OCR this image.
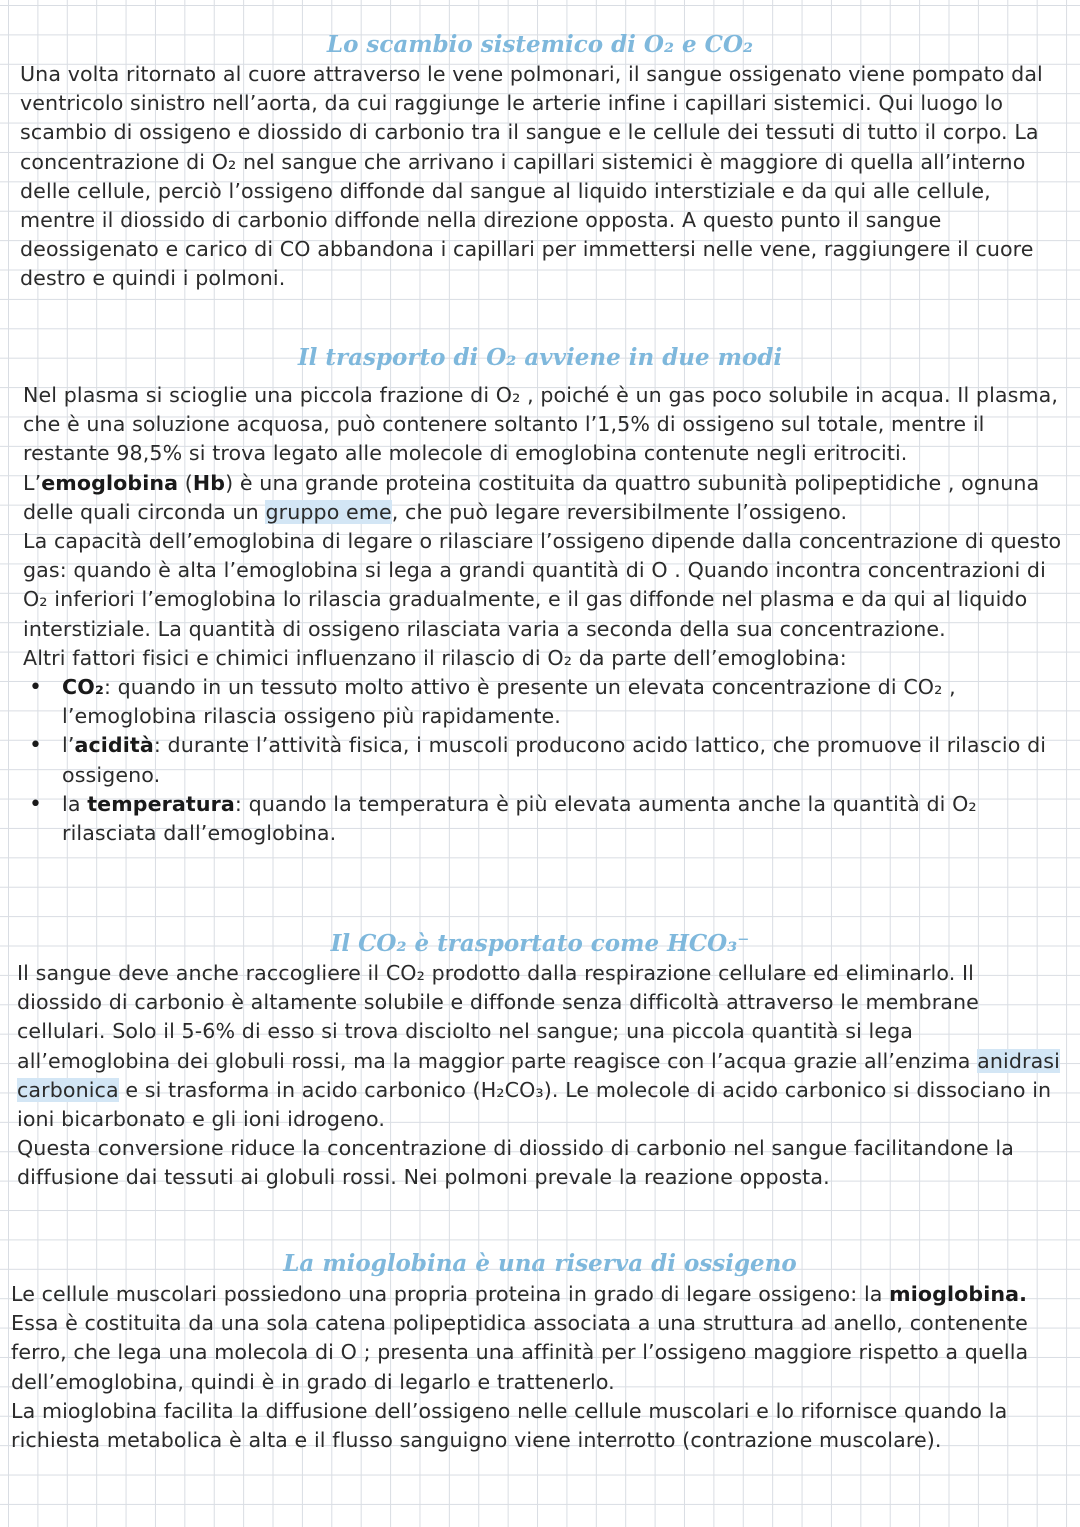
Lo scambio sistemico di O₂ e CO₂

Una volta ritornato al cuore attraverso le vene polmonari, il sangue ossigenato viene pompato dal ventricolo sinistro nell’aorta, da cui raggiunge le arterie infine i capillari sistemici. Qui luogo lo scambio di ossigeno e diossido di carbonio tra il sangue e le cellule dei tessuti di tutto il corpo. La concentrazione di O₂ nel sangue che arrivano i capillari sistemici è maggiore di quella all’interno delle cellule, perciò l’ossigeno diffonde dal sangue al liquido interstiziale e da qui alle cellule, mentre il diossido di carbonio diffonde nella direzione opposta. A questo punto il sangue deossigenato e carico di CO abbandona i capillari per immettersi nelle vene, raggiungere il cuore destro e quindi i polmoni.

Il trasporto di O₂ avviene in due modi

Nel plasma si scioglie una piccola frazione di O₂ , poiché è un gas poco solubile in acqua. Il plasma, che è una soluzione acquosa, può contenere soltanto l’1,5% di ossigeno sul totale, mentre il restante 98,5% si trova legato alle molecole di emoglobina contenute negli eritrociti. L’emoglobina (Hb) è una grande proteina costituita da quattro subunità polipeptidiche , ognuna delle quali circonda un gruppo eme, che può legare reversibilmente l’ossigeno.

La capacità dell’emoglobina di legare o rilasciare l’ossigeno dipende dalla concentrazione di questo gas: quando è alta l’emoglobina si lega a grandi quantità di O . Quando incontra concentrazioni di O₂ inferiori l’emoglobina lo rilascia gradualmente, e il gas diffonde nel plasma e da qui al liquido interstiziale. La quantità di ossigeno rilasciata varia a seconda della sua concentrazione.

Altri fattori fisici e chimici influenzano il rilascio di O₂ da parte dell’emoglobina:

• CO₂: quando in un tessuto molto attivo è presente un elevata concentrazione di CO₂ , l’emoglobina rilascia ossigeno più rapidamente.
• l’acidità: durante l’attività fisica, i muscoli producono acido lattico, che promuove il rilascio di ossigeno.
• la temperatura: quando la temperatura è più elevata aumenta anche la quantità di O₂ rilasciata dall’emoglobina.
Il CO₂ è trasportato come HCO₃⁻

Il sangue deve anche raccogliere il CO₂ prodotto dalla respirazione cellulare ed eliminarlo. Il diossido di carbonio è altamente solubile e diffonde senza difficoltà attraverso le membrane cellulari. Solo il 5-6% di esso si trova disciolto nel sangue; una piccola quantità si lega all’emoglobina dei globuli rossi, ma la maggior parte reagisce con l’acqua grazie all’enzima anidrasi carbonica e si trasforma in acido carbonico (H₂CO₃). Le molecole di acido carbonico si dissociano in ioni bicarbonato e gli ioni idrogeno.

Questa conversione riduce la concentrazione di diossido di carbonio nel sangue facilitandone la diffusione dai tessuti ai globuli rossi. Nei polmoni prevale la reazione opposta.

La mioglobina è una riserva di ossigeno

Le cellule muscolari possiedono una propria proteina in grado di legare ossigeno: la mioglobina. Essa è costituita da una sola catena polipeptidica associata a una struttura ad anello, contenente ferro, che lega una molecola di O ; presenta una affinità per l’ossigeno maggiore rispetto a quella dell’emoglobina, quindi è in grado di legarlo e trattenerlo.

La mioglobina facilita la diffusione dell’ossigeno nelle cellule muscolari e lo rifornisce quando la richiesta metabolica è alta e il flusso sanguigno viene interrotto (contrazione muscolare).
